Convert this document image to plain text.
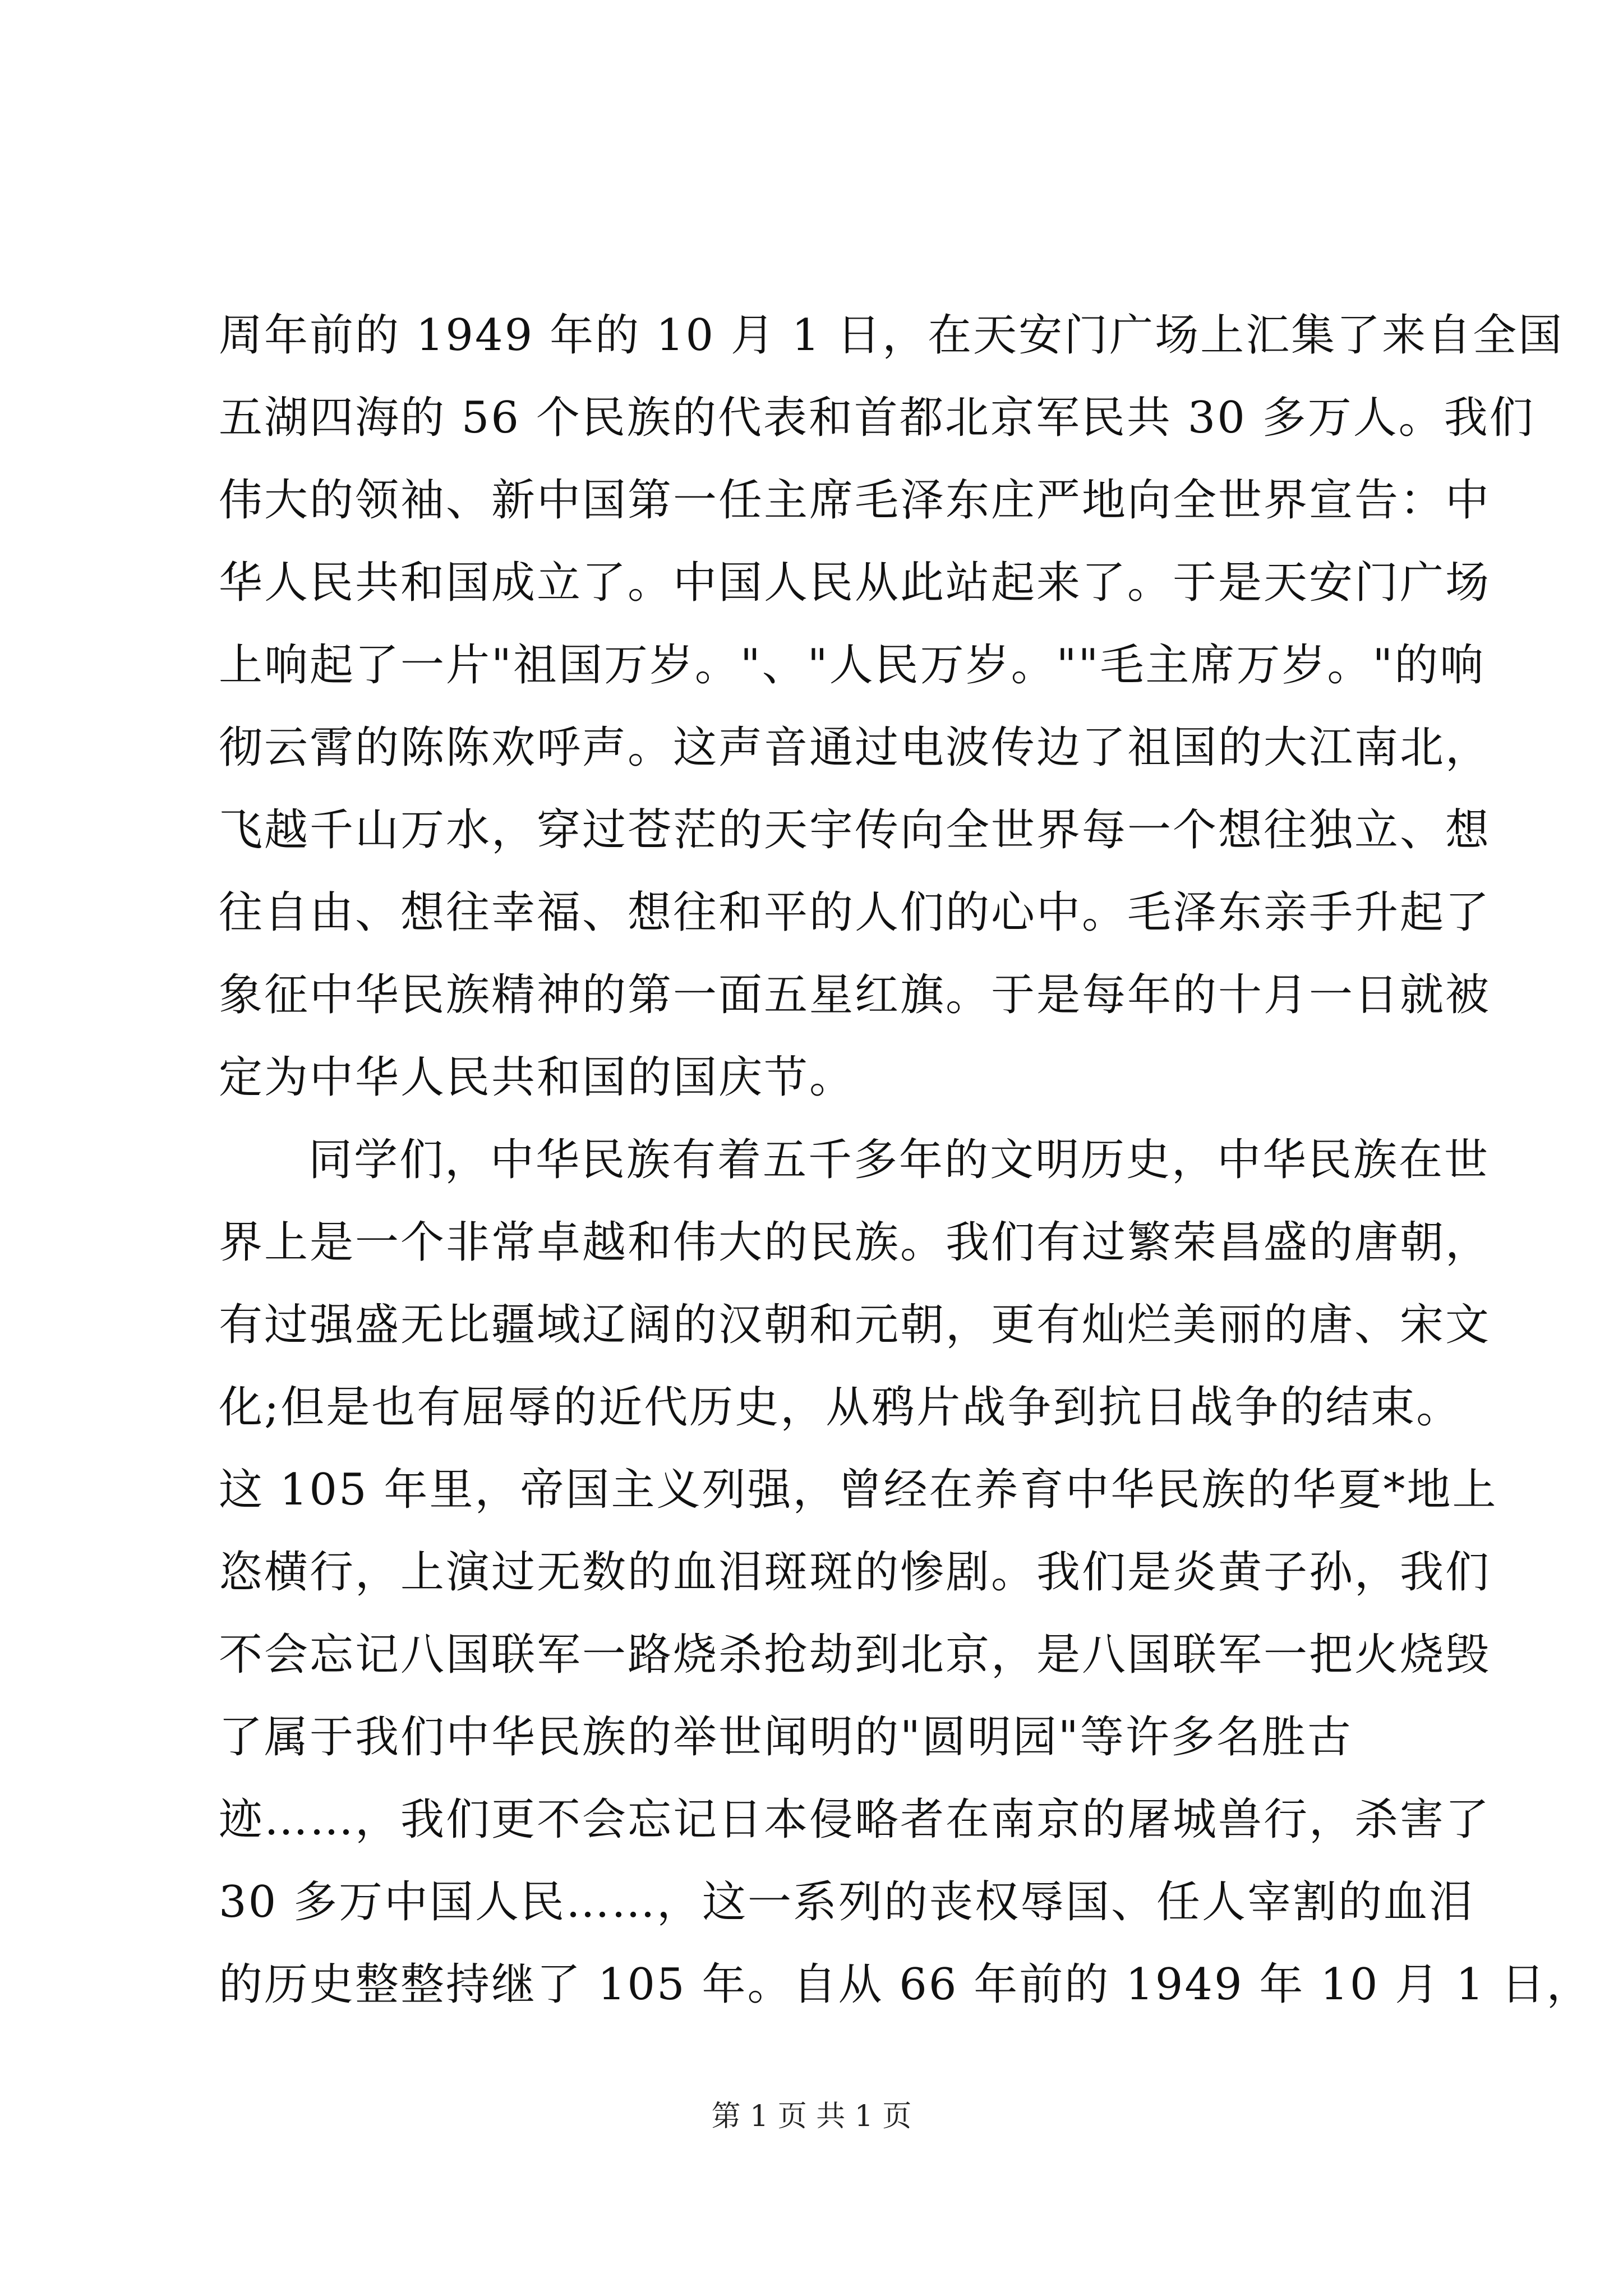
周年前的 1949 年的 10 月 1 日，在天安门广场上汇集了来自全国
五湖四海的 56 个民族的代表和首都北京军民共 30 多万人。我们
伟大的领袖、新中国第一任主席毛泽东庄严地向全世界宣告：中
华人民共和国成立了。中国人民从此站起来了。于是天安门广场
上响起了一片"祖国万岁。"、"人民万岁。""毛主席万岁。"的响
彻云霄的陈陈欢呼声。这声音通过电波传边了祖国的大江南北，
飞越千山万水，穿过苍茫的天宇传向全世界每一个想往独立、想
往自由、想往幸福、想往和平的人们的心中。毛泽东亲手升起了
象征中华民族精神的第一面五星红旗。于是每年的十月一日就被
定为中华人民共和国的国庆节。
同学们，中华民族有着五千多年的文明历史，中华民族在世
界上是一个非常卓越和伟大的民族。我们有过繁荣昌盛的唐朝，
有过强盛无比疆域辽阔的汉朝和元朝，更有灿烂美丽的唐、宋文
化;但是也有屈辱的近代历史，从鸦片战争到抗日战争的结束。
这 105 年里，帝国主义列强，曾经在养育中华民族的华夏*地上
恣横行，上演过无数的血泪斑斑的惨剧。我们是炎黄子孙，我们
不会忘记八国联军一路烧杀抢劫到北京，是八国联军一把火烧毁
了属于我们中华民族的举世闻明的"圆明园"等许多名胜古
迹……，我们更不会忘记日本侵略者在南京的屠城兽行，杀害了
30 多万中国人民……，这一系列的丧权辱国、任人宰割的血泪
的历史整整持继了 105 年。自从 66 年前的 1949 年 10 月 1 日，
第 1 页 共 1 页
